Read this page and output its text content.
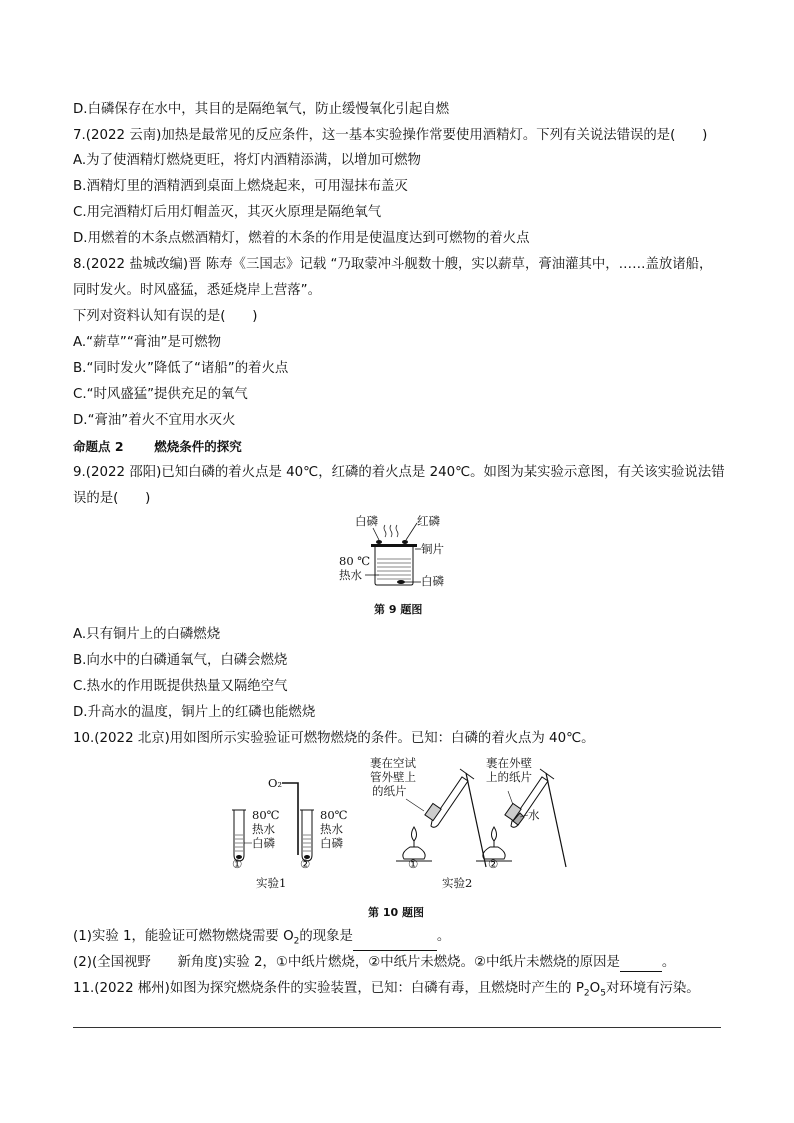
D.白磷保存在水中，其目的是隔绝氧气，防止缓慢氧化引起自燃
7.(2022 云南)加热是最常见的反应条件，这一基本实验操作常要使用酒精灯。下列有关说法错误的是(　　)
A.为了使酒精灯燃烧更旺，将灯内酒精添满，以增加可燃物
B.酒精灯里的酒精洒到桌面上燃烧起来，可用湿抹布盖灭
C.用完酒精灯后用灯帽盖灭，其灭火原理是隔绝氧气
D.用燃着的木条点燃酒精灯，燃着的木条的作用是使温度达到可燃物的着火点
8.(2022 盐城改编)晋 陈寿《三国志》记载 “乃取蒙冲斗舰数十艘，实以薪草，膏油灌其中，……盖放诸船，
同时发火。时风盛猛，悉延烧岸上营落”。
下列对资料认知有误的是(　　)
A.“薪草”“膏油”是可燃物
B.“同时发火”降低了“诸船”的着火点
C.“时风盛猛”提供充足的氧气
D.“膏油”着火不宜用水灭火
命题点 2 燃烧条件的探究
9.(2022 邵阳)已知白磷的着火点是 40℃，红磷的着火点是 240℃。如图为某实验示意图，有关该实验说法错
误的是(　　)
白磷	红磷
铜片
80 ℃
热水	白磷
第 9 题图
A.只有铜片上的白磷燃烧
B.向水中的白磷通氧气，白磷会燃烧
C.热水的作用既提供热量又隔绝空气
D.升高水的温度，铜片上的红磷也能燃烧
10.(2022 北京)用如图所示实验验证可燃物燃烧的条件。已知：白磷的着火点为 40℃。
80℃
热水
白磷
①
O₂
80℃
热水
白磷
②
实验1
裹在空试
管外壁上
的纸片
裹在外壁
上的纸片
水
①	②
实验2
第 10 题图
(1)实验 1，能验证可燃物燃烧需要 $O_2$的现象是	。
(2)(全国视野　　新角度)实验 2，①中纸片燃烧，②中纸片未燃烧。②中纸片未燃烧的原因是	。
11.(2022 郴州)如图为探究燃烧条件的实验装置，已知：白磷有毒，且燃烧时产生的 $P_2O_5$对环境有污染。
